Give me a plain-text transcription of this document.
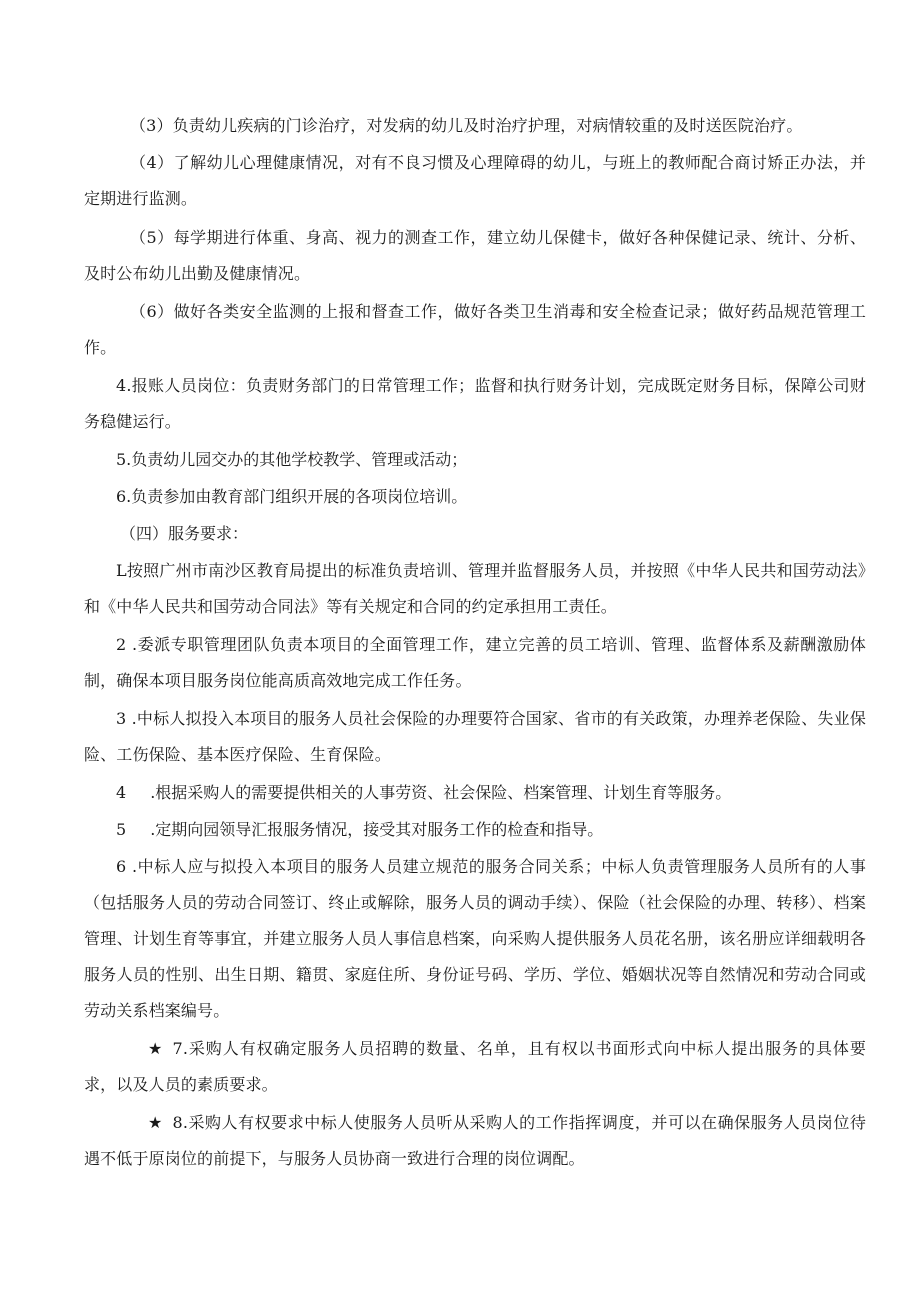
（3）负责幼儿疾病的门诊治疗，对发病的幼儿及时治疗护理，对病情较重的及时送医院治疗。
（4）了解幼儿心理健康情况，对有不良习惯及心理障碍的幼儿，与班上的教师配合商讨矫正办法，并定期进行监测。
（5）每学期进行体重、身高、视力的测查工作，建立幼儿保健卡，做好各种保健记录、统计、分析、及时公布幼儿出勤及健康情况。
（6）做好各类安全监测的上报和督查工作，做好各类卫生消毒和安全检查记录；做好药品规范管理工作。
4.报账人员岗位：负责财务部门的日常管理工作；监督和执行财务计划，完成既定财务目标，保障公司财务稳健运行。
5.负责幼儿园交办的其他学校教学、管理或活动；
6.负责参加由教育部门组织开展的各项岗位培训。
（四）服务要求：
L按照广州市南沙区教育局提出的标准负责培训、管理并监督服务人员，并按照《中华人民共和国劳动法》和《中华人民共和国劳动合同法》等有关规定和合同的约定承担用工责任。
2 .委派专职管理团队负责本项目的全面管理工作，建立完善的员工培训、管理、监督体系及薪酬激励体制，确保本项目服务岗位能高质高效地完成工作任务。
3 .中标人拟投入本项目的服务人员社会保险的办理要符合国家、省市的有关政策，办理养老保险、失业保险、工伤保险、基本医疗保险、生育保险。
4 .根据采购人的需要提供相关的人事劳资、社会保险、档案管理、计划生育等服务。
5 .定期向园领导汇报服务情况，接受其对服务工作的检查和指导。
6 .中标人应与拟投入本项目的服务人员建立规范的服务合同关系；中标人负责管理服务人员所有的人事（包括服务人员的劳动合同签订、终止或解除，服务人员的调动手续）、保险（社会保险的办理、转移）、档案管理、计划生育等事宜，并建立服务人员人事信息档案，向采购人提供服务人员花名册，该名册应详细载明各服务人员的性别、出生日期、籍贯、家庭住所、身份证号码、学历、学位、婚姻状况等自然情况和劳动合同或劳动关系档案编号。
★ 7.采购人有权确定服务人员招聘的数量、名单，且有权以书面形式向中标人提出服务的具体要求，以及人员的素质要求。
★ 8.采购人有权要求中标人使服务人员听从采购人的工作指挥调度，并可以在确保服务人员岗位待遇不低于原岗位的前提下，与服务人员协商一致进行合理的岗位调配。
